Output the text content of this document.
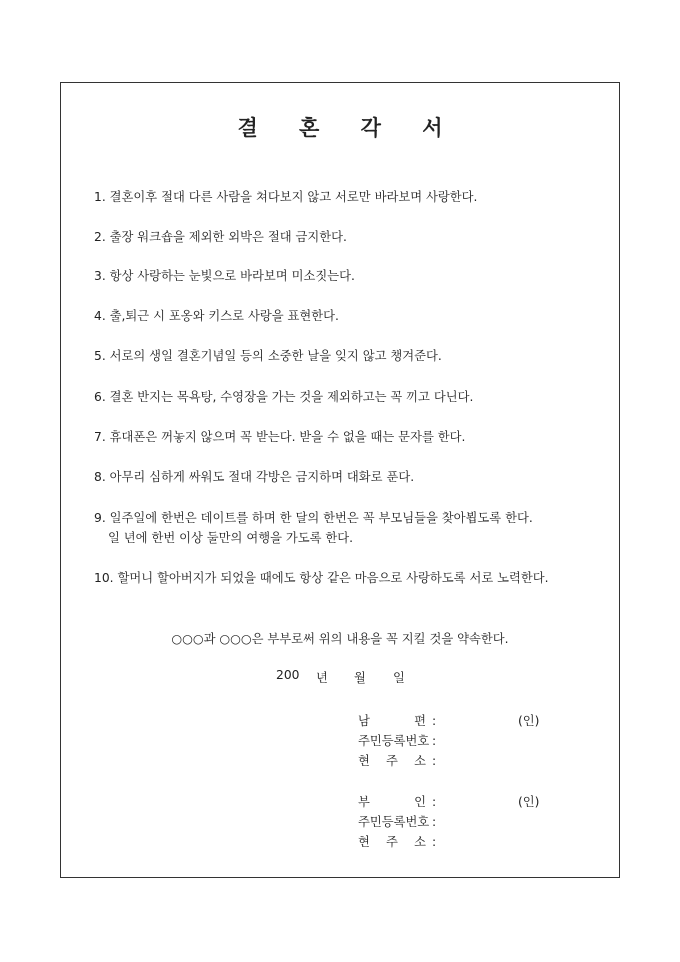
결 혼 각 서
1. 결혼이후 절대 다른 사람을 쳐다보지 않고 서로만 바라보며 사랑한다.
2. 출장 워크숍을 제외한 외박은 절대 금지한다.
3. 항상 사랑하는 눈빛으로 바라보며 미소짓는다.
4. 출,퇴근 시 포옹와 키스로 사랑을 표현한다.
5. 서로의 생일 결혼기념일 등의 소중한 날을 잊지 않고 챙겨준다.
6. 결혼 반지는 목욕탕, 수영장을 가는 것을 제외하고는 꼭 끼고 다닌다.
7. 휴대폰은 꺼놓지 않으며 꼭 받는다. 받을 수 없을 때는 문자를 한다.
8. 아무리 심하게 싸워도 절대 각방은 금지하며 대화로 푼다.
9. 일주일에 한번은 데이트를 하며 한 달의 한번은 꼭 부모님들을 찾아뵙도록 한다.
일 년에 한번 이상 둘만의 여행을 가도록 한다.
10. 할머니 할아버지가 되었을 때에도 항상 같은 마음으로 사랑하도록 서로 노력한다.
○○○과 ○○○은 부부로써 위의 내용을 꼭 지킬 것을 약속한다.
200 년 월 일
남 편 :	(인)
주민등록번호 :
현 주 소 :
부 인 :	(인)
주민등록번호 :
현 주 소 :
